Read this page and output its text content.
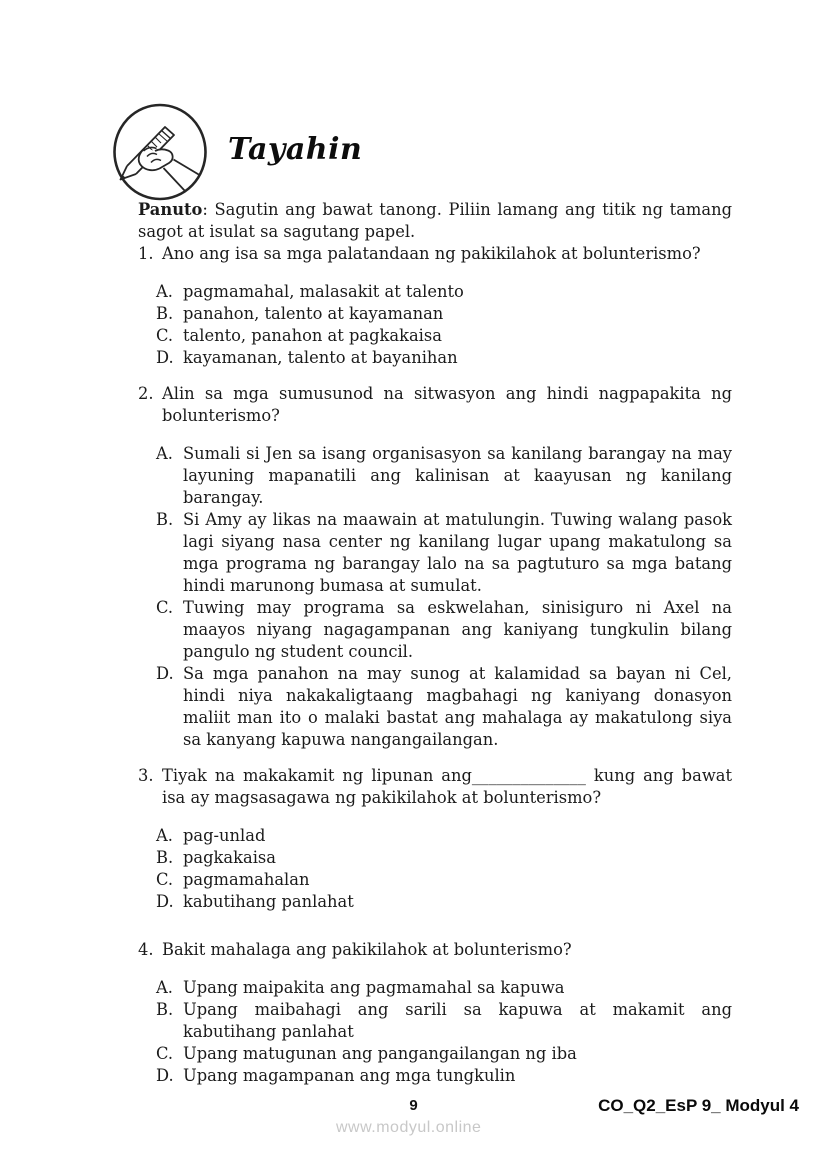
Tayahin

Panuto: Sagutin ang bawat tanong. Piliin lamang ang titik ng tamang sagot at isulat sa sagutang papel.

1. Ano ang isa sa mga palatandaan ng pakikilahok at bolunterismo?
A. pagmamahal, malasakit at talento
B. panahon, talento at kayamanan
C. talento, panahon at pagkakaisa
D. kayamanan, talento at bayanihan
2. Alin sa mga sumusunod na sitwasyon ang hindi nagpapakita ng bolunterismo?
A. Sumali si Jen sa isang organisasyon sa kanilang barangay na may layuning mapanatili ang kalinisan at kaayusan ng kanilang barangay.
B. Si Amy ay likas na maawain at matulungin. Tuwing walang pasok lagi siyang nasa center ng kanilang lugar upang makatulong sa mga programa ng barangay lalo na sa pagtuturo sa mga batang hindi marunong bumasa at sumulat.
C. Tuwing may programa sa eskwelahan, sinisiguro ni Axel na maayos niyang nagagampanan ang kaniyang tungkulin bilang pangulo ng student council.
D. Sa mga panahon na may sunog at kalamidad sa bayan ni Cel, hindi niya nakakaligtaang magbahagi ng kaniyang donasyon maliit man ito o malaki bastat ang mahalaga ay makatulong siya sa kanyang kapuwa nangangailangan.
3. Tiyak na makakamit ng lipunan ang______________ kung ang bawat isa ay magsasagawa ng pakikilahok at bolunterismo?
A. pag-unlad
B. pagkakaisa
C. pagmamahalan
D. kabutihang panlahat
4. Bakit mahalaga ang pakikilahok at bolunterismo?
A. Upang maipakita ang pagmamahal sa kapuwa
B. Upang maibahagi ang sarili sa kapuwa at makamit ang kabutihang panlahat
C. Upang matugunan ang pangangailangan ng iba
D. Upang magampanan ang mga tungkulin
9	CO_Q2_EsP 9_ Modyul 4
www.modyul.online
